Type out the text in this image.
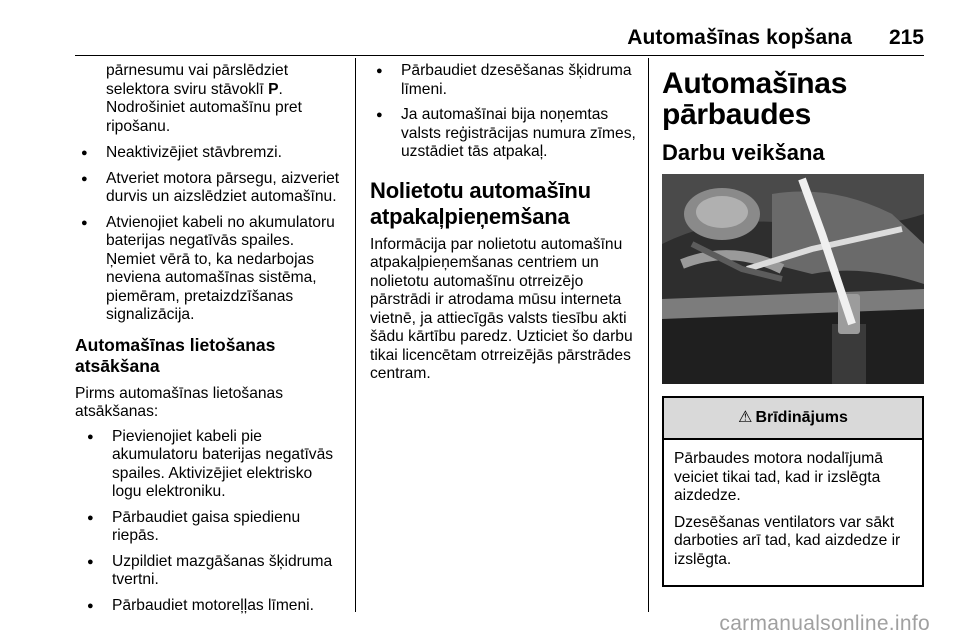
Automašīnas kopšana 215
pārnesumu vai pārslēdziet selektora sviru stāvoklī P. Nodrošiniet automašīnu pret ripošanu.
● Neaktivizējiet stāvbremzi.
● Atveriet motora pārsegu, aizveriet durvis un aizslēdziet automašīnu.
● Atvienojiet kabeli no akumulatoru baterijas negatīvās spailes. Ņemiet vērā to, ka nedarbojas neviena automašīnas sistēma, piemēram, pretaizdzīšanas signalizācija.
Automašīnas lietošanas atsākšana

Pirms automašīnas lietošanas atsākšanas:

● Pievienojiet kabeli pie akumulatoru baterijas negatīvās spailes. Aktivizējiet elektrisko logu elektroniku.
● Pārbaudiet gaisa spiedienu riepās.
● Uzpildiet mazgāšanas šķidruma tvertni.
● Pārbaudiet motoreļļas līmeni.
● Pārbaudiet dzesēšanas šķidruma līmeni.
● Ja automašīnai bija noņemtas valsts reģistrācijas numura zīmes, uzstādiet tās atpakaļ.
Nolietotu automašīnu atpakaļpieņemšana

Informācija par nolietotu automašīnu atpakaļpieņemšanas centriem un nolietotu automašīnu otrreizējo pārstrādi ir atrodama mūsu interneta vietnē, ja attiecīgās valsts tiesību akti šādu kārtību paredz. Uzticiet šo darbu tikai licencētam otrreizējās pārstrādes centram.

Automašīnas pārbaudes
Darbu veikšana
⚠ Brīdinājums

Pārbaudes motora nodalījumā veiciet tikai tad, kad ir izslēgta aizdedze.

Dzesēšanas ventilators var sākt darboties arī tad, kad aizdedze ir izslēgta.

carmanualsonline.info
